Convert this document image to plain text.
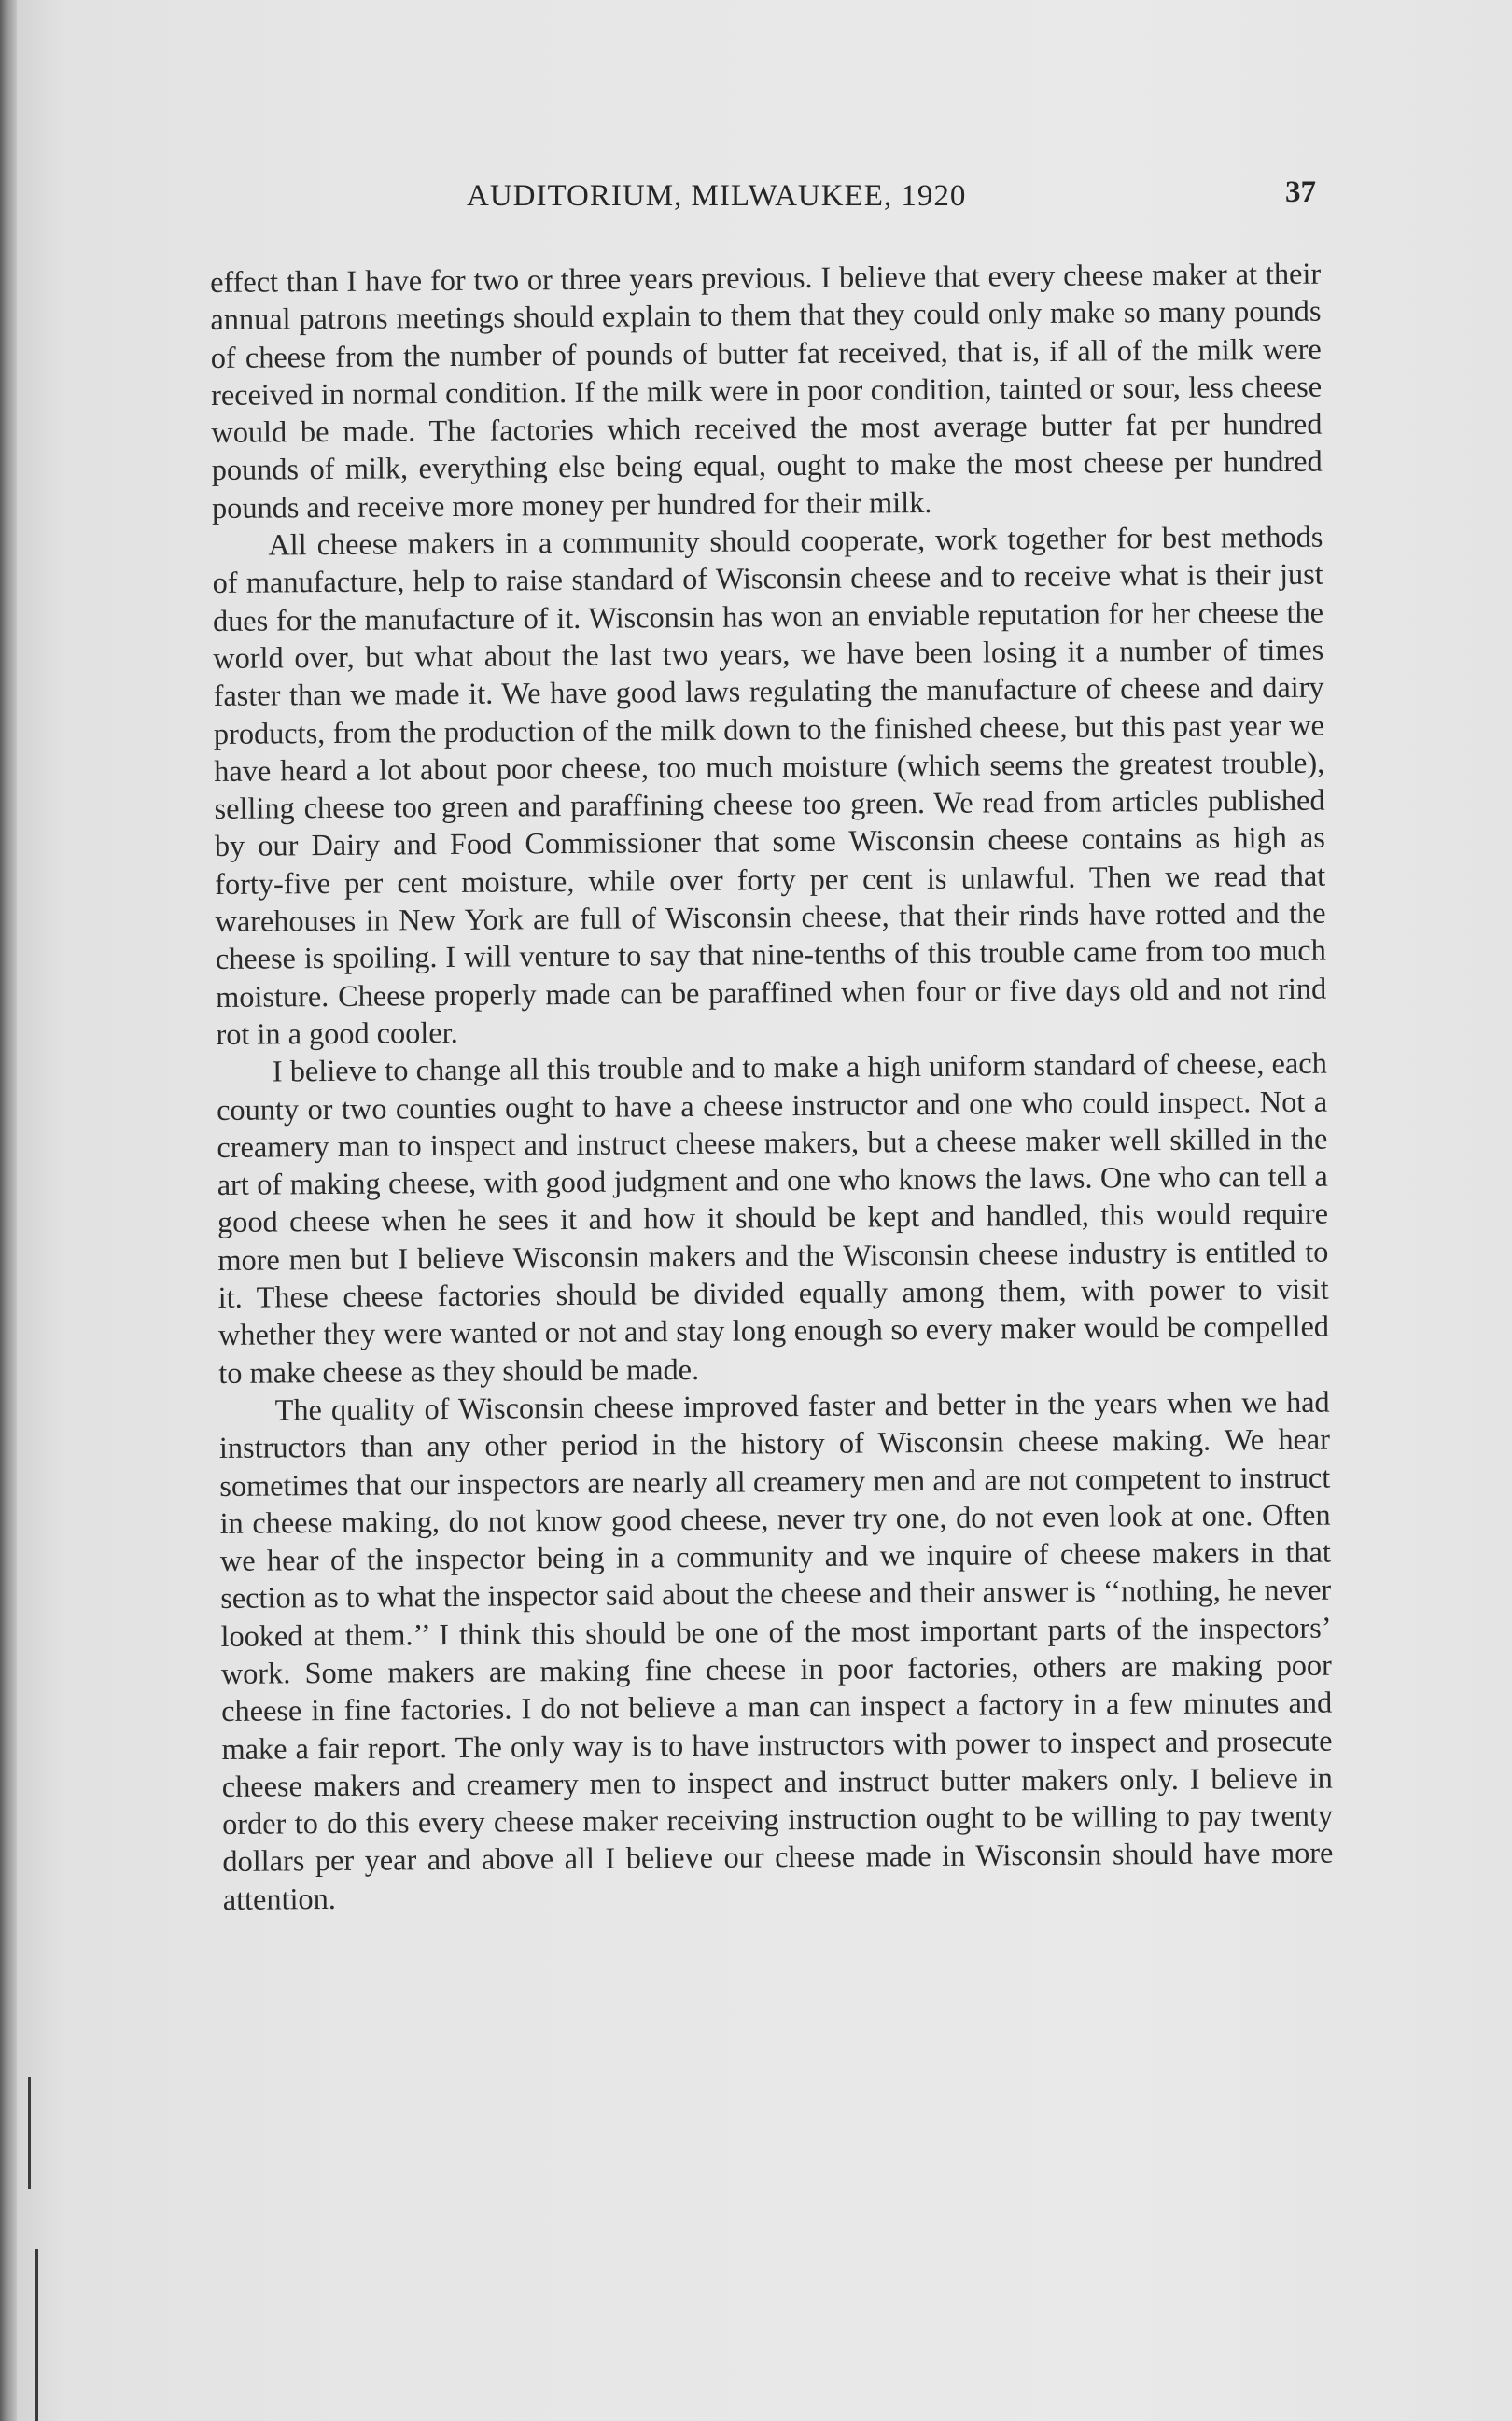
AUDITORIUM, MILWAUKEE, 1920	37

effect than I have for two or three years previous. I believe that every cheese maker at their annual patrons meetings should explain to them that they could only make so many pounds of cheese from the number of pounds of butter fat received, that is, if all of the milk were received in normal condition. If the milk were in poor condition, tainted or sour, less cheese would be made. The factories which received the most average butter fat per hundred pounds of milk, everything else being equal, ought to make the most cheese per hundred pounds and receive more money per hundred for their milk.

All cheese makers in a community should cooperate, work together for best methods of manufacture, help to raise standard of Wisconsin cheese and to receive what is their just dues for the manufacture of it. Wisconsin has won an enviable reputation for her cheese the world over, but what about the last two years, we have been losing it a number of times faster than we made it. We have good laws regulating the manufacture of cheese and dairy products, from the production of the milk down to the finished cheese, but this past year we have heard a lot about poor cheese, too much moisture (which seems the greatest trouble), selling cheese too green and paraffining cheese too green. We read from articles published by our Dairy and Food Commissioner that some Wisconsin cheese contains as high as forty-five per cent moisture, while over forty per cent is unlawful. Then we read that warehouses in New York are full of Wisconsin cheese, that their rinds have rotted and the cheese is spoiling. I will venture to say that nine-tenths of this trouble came from too much moisture. Cheese properly made can be paraffined when four or five days old and not rind rot in a good cooler.

I believe to change all this trouble and to make a high uniform standard of cheese, each county or two counties ought to have a cheese instructor and one who could inspect. Not a creamery man to inspect and instruct cheese makers, but a cheese maker well skilled in the art of making cheese, with good judgment and one who knows the laws. One who can tell a good cheese when he sees it and how it should be kept and handled, this would require more men but I believe Wisconsin makers and the Wisconsin cheese industry is entitled to it. These cheese factories should be divided equally among them, with power to visit whether they were wanted or not and stay long enough so every maker would be compelled to make cheese as they should be made.

The quality of Wisconsin cheese improved faster and better in the years when we had instructors than any other period in the history of Wisconsin cheese making. We hear sometimes that our inspectors are nearly all creamery men and are not competent to instruct in cheese making, do not know good cheese, never try one, do not even look at one. Often we hear of the inspector being in a community and we inquire of cheese makers in that section as to what the inspector said about the cheese and their answer is ‘‘nothing, he never looked at them.’’ I think this should be one of the most important parts of the inspectors’ work. Some makers are making fine cheese in poor factories, others are making poor cheese in fine factories. I do not believe a man can inspect a factory in a few minutes and make a fair report. The only way is to have instructors with power to inspect and prosecute cheese makers and creamery men to inspect and instruct butter makers only. I believe in order to do this every cheese maker receiving instruction ought to be willing to pay twenty dollars per year and above all I believe our cheese made in Wisconsin should have more attention.
